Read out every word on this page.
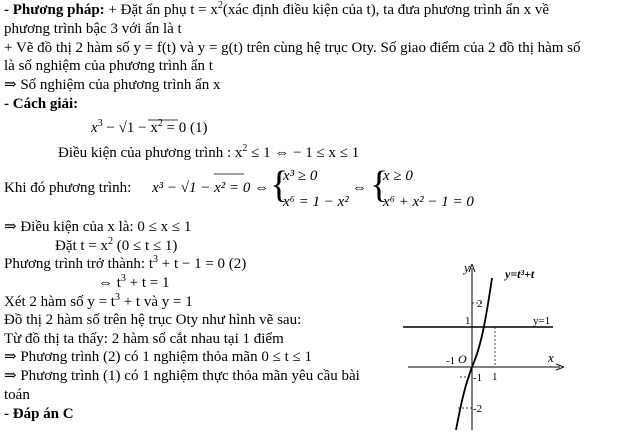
- Phương pháp: + Đặt ẩn phụ $t = x^2(xác$ định điều kiện của t), ta đưa phương trình ẩn x về
phương trình bậc 3 với ẩn là t
+ Vẽ đồ thị 2 hàm số y = f(t) và y = g(t) trên cùng hệ trục Oty. Số giao điểm của 2 đồ thị hàm số
là số nghiệm của phương trình ẩn t
⇒ Số nghiệm của phương trình ẩn x
- Cách giải:
$x^3 - √1 - x^2 = 0$ (1)
Điều kiện của phương trình : $x^2 \le 1$ ⇔ − 1 ≤ x ≤ 1
Khi đó phương trình: x³ − √1 − x² = 0 ⇔ {
x³ ≥ 0
x⁶ = 1 − x²
⇔ {
x ≥ 0
x⁶ + x² − 1 = 0
⇒ Điều kiện của x là: 0 ≤ x ≤ 1
Đặt $t = x^2$ (0 ≤ t ≤ 1)
Phương trình trở thành: $t^3 + t - 1 = 0$ (2)
⇔ $t^3 + t = 1$
Xét 2 hàm số $y = t^3 + t$ và y = 1
Đồ thị 2 hàm số trên hệ trục Oty như hình vẽ sau:
Từ đồ thị ta thấy: 2 hàm số cắt nhau tại 1 điểm
⇒ Phương trình (2) có 1 nghiệm thỏa mãn 0 ≤ t ≤ 1
⇒ Phương trình (1) có 1 nghiệm thực thỏa mãn yêu cầu bài
toán
- Đáp án C
y
x
O
y=t³+t
y=1
-1
1
2
1
-1
-2
